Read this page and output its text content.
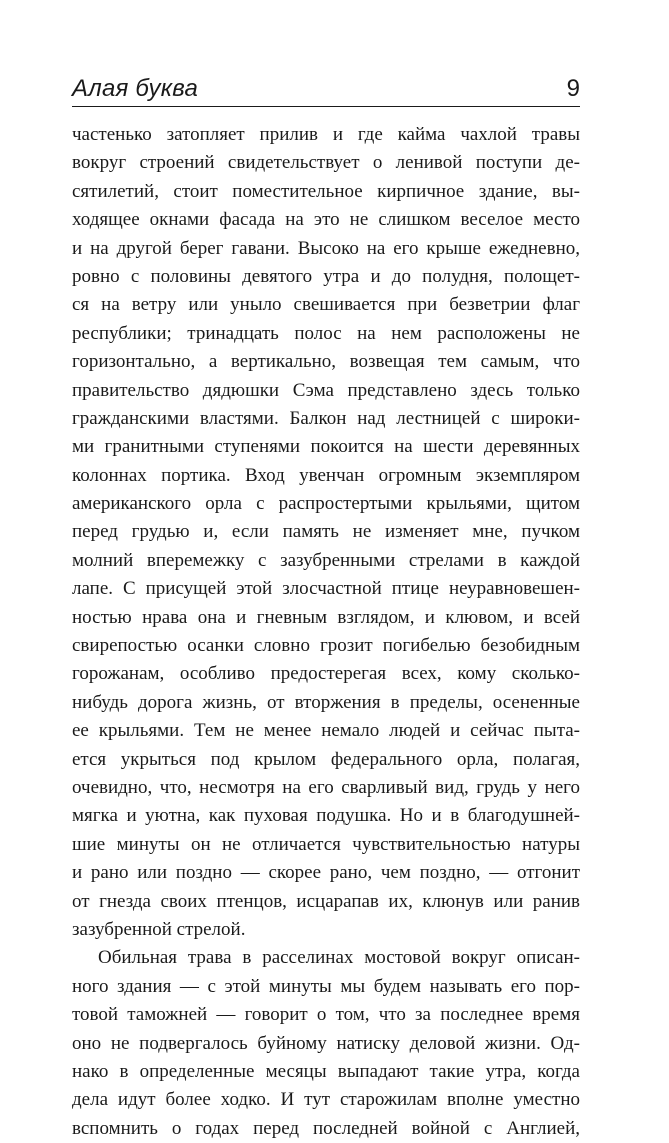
Алая буква	9
частенько затопляет прилив и где кайма чахлой травы
вокруг строений свидетельствует о ленивой поступи де-
сятилетий, стоит поместительное кирпичное здание, вы-
ходящее окнами фасада на это не слишком веселое место
и на другой берег гавани. Высоко на его крыше ежедневно,
ровно с половины девятого утра и до полудня, полощет-
ся на ветру или уныло свешивается при безветрии флаг
республики; тринадцать полос на нем расположены не
горизонтально, а вертикально, возвещая тем самым, что
правительство дядюшки Сэма представлено здесь только
гражданскими властями. Балкон над лестницей с широки-
ми гранитными ступенями покоится на шести деревянных
колоннах портика. Вход увенчан огромным экземпляром
американского орла с распростертыми крыльями, щитом
перед грудью и, если память не изменяет мне, пучком
молний вперемежку с зазубренными стрелами в каждой
лапе. С присущей этой злосчастной птице неуравновешен-
ностью нрава она и гневным взглядом, и клювом, и всей
свирепостью осанки словно грозит погибелью безобидным
горожанам, особливо предостерегая всех, кому сколько-
нибудь дорога жизнь, от вторжения в пределы, осененные
ее крыльями. Тем не менее немало людей и сейчас пыта-
ется укрыться под крылом федерального орла, полагая,
очевидно, что, несмотря на его сварливый вид, грудь у него
мягка и уютна, как пуховая подушка. Но и в благодушней-
шие минуты он не отличается чувствительностью натуры
и рано или поздно — скорее рано, чем поздно, — отгонит
от гнезда своих птенцов, исцарапав их, клюнув или ранив
зазубренной стрелой.
Обильная трава в расселинах мостовой вокруг описан-
ного здания — с этой минуты мы будем называть его пор-
товой таможней — говорит о том, что за последнее время
оно не подвергалось буйному натиску деловой жизни. Од-
нако в определенные месяцы выпадают такие утра, когда
дела идут более ходко. И тут старожилам вполне уместно
вспомнить о годах перед последней войной с Англией,
